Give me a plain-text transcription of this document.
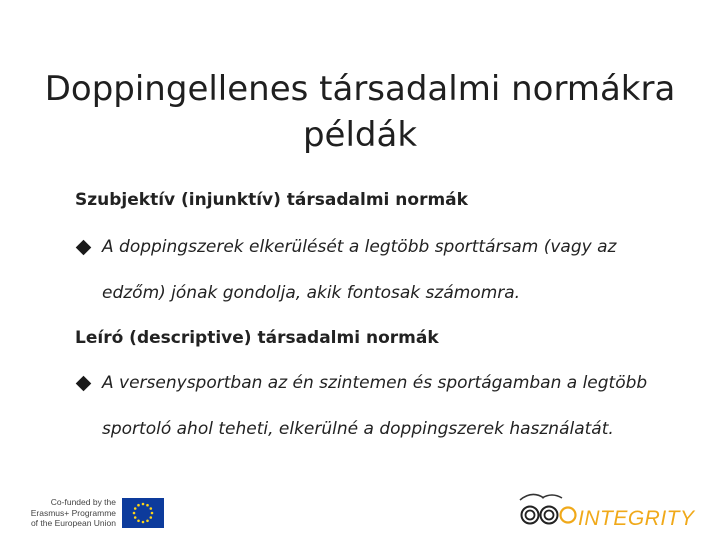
Doppingellenes társadalmi normákra
példák
Szubjektív (injunktív) társadalmi normák
A doppingszerek elkerülését a legtöbb sporttársam (vagy az
edzőm) jónak gondolja, akik fontosak számomra.
Leíró (descriptive) társadalmi normák
A versenysportban az én szintemen és sportágamban a legtöbb
sportoló ahol teheti, elkerülné a doppingszerek használatát.
Co-funded by the
Erasmus+ Programme
of the European Union	INTEGRITY
